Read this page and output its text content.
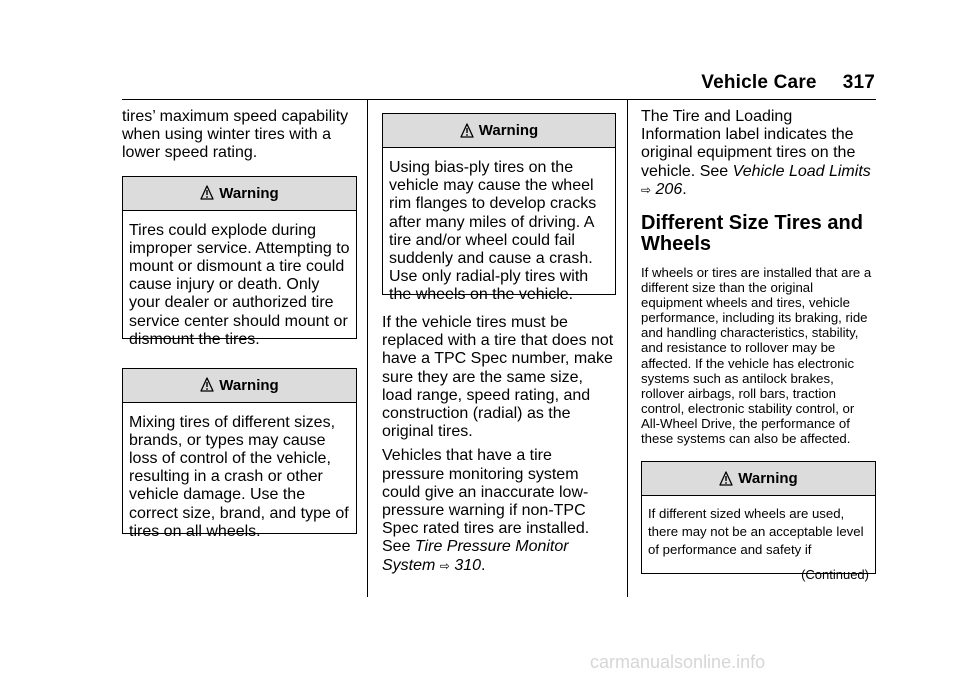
Vehicle Care 317

tires’ maximum speed capability when using winter tires with a lower speed rating.

Warning
Tires could explode during improper service. Attempting to mount or dismount a tire could cause injury or death. Only your dealer or authorized tire service center should mount or dismount the tires.
Warning
Mixing tires of different sizes, brands, or types may cause loss of control of the vehicle, resulting in a crash or other vehicle damage. Use the correct size, brand, and type of tires on all wheels.
Warning
Using bias-ply tires on the vehicle may cause the wheel rim flanges to develop cracks after many miles of driving. A tire and/or wheel could fail suddenly and cause a crash. Use only radial-ply tires with the wheels on the vehicle.

If the vehicle tires must be replaced with a tire that does not have a TPC Spec number, make sure they are the same size, load range, speed rating, and construction (radial) as the original tires.

Vehicles that have a tire pressure monitoring system could give an inaccurate low-pressure warning if non-TPC Spec rated tires are installed. See Tire Pressure Monitor System ⇨ 310.

The Tire and Loading Information label indicates the original equipment tires on the vehicle. See Vehicle Load Limits ⇨ 206.

Different Size Tires and Wheels

If wheels or tires are installed that are a different size than the original equipment wheels and tires, vehicle performance, including its braking, ride and handling characteristics, stability, and resistance to rollover may be affected. If the vehicle has electronic systems such as antilock brakes, rollover airbags, roll bars, traction control, electronic stability control, or All-Wheel Drive, the performance of these systems can also be affected.

Warning
If different sized wheels are used, there may not be an acceptable level of performance and safety if
(Continued)
carmanualsonline.info
